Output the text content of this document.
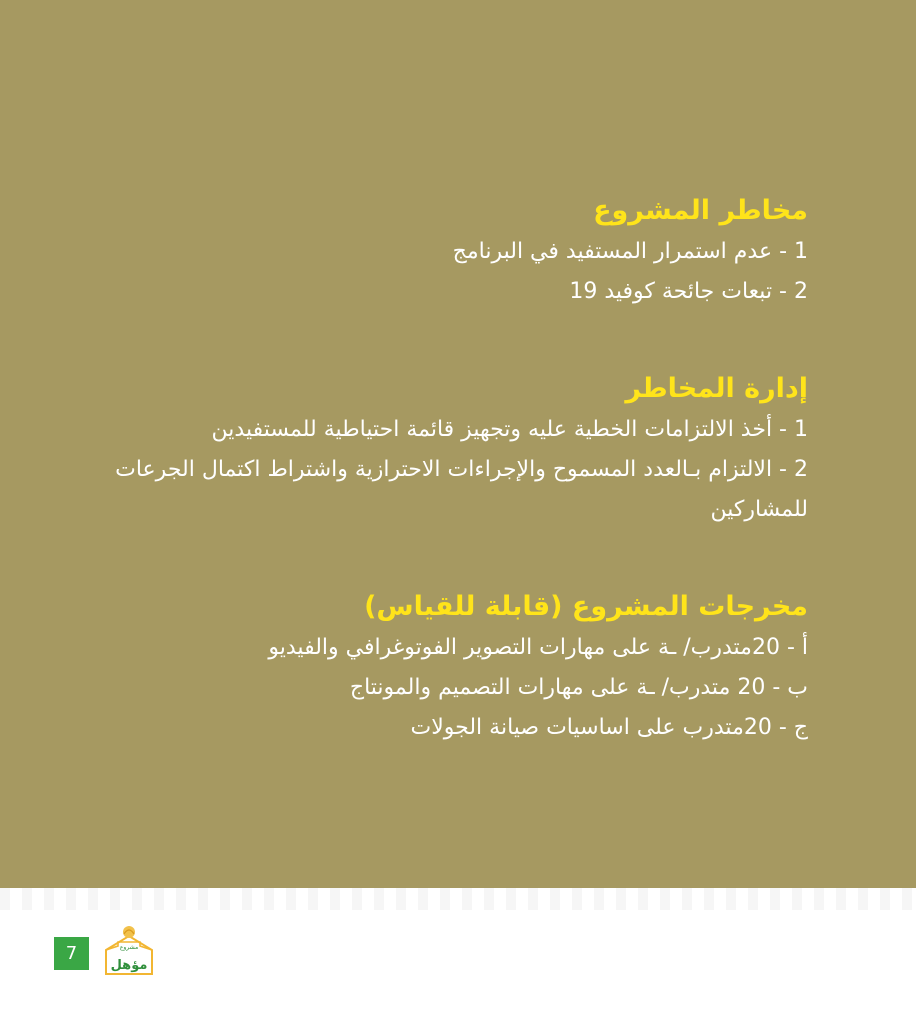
مخاطر المشروع

1 - عدم استمرار المستفيد في البرنامج

2 - تبعات جائحة كوفيد 19

إدارة المخاطر

1 - أخذ الالتزامات الخطية عليه وتجهيز قائمة احتياطية للمستفيدين

2 - الالتزام بـالعدد المسموح والإجراءات الاحترازية واشتراط اكتمال الجرعات للمشاركين

مخرجات المشروع (قابلة للقياس)

أ - 20متدرب/ ـة على مهارات التصوير الفوتوغرافي والفيديو

ب - 20 متدرب/ ـة على مهارات التصميم والمونتاج

ج - 20متدرب على اساسيات صيانة الجولات

7	مشروع
مؤهل
